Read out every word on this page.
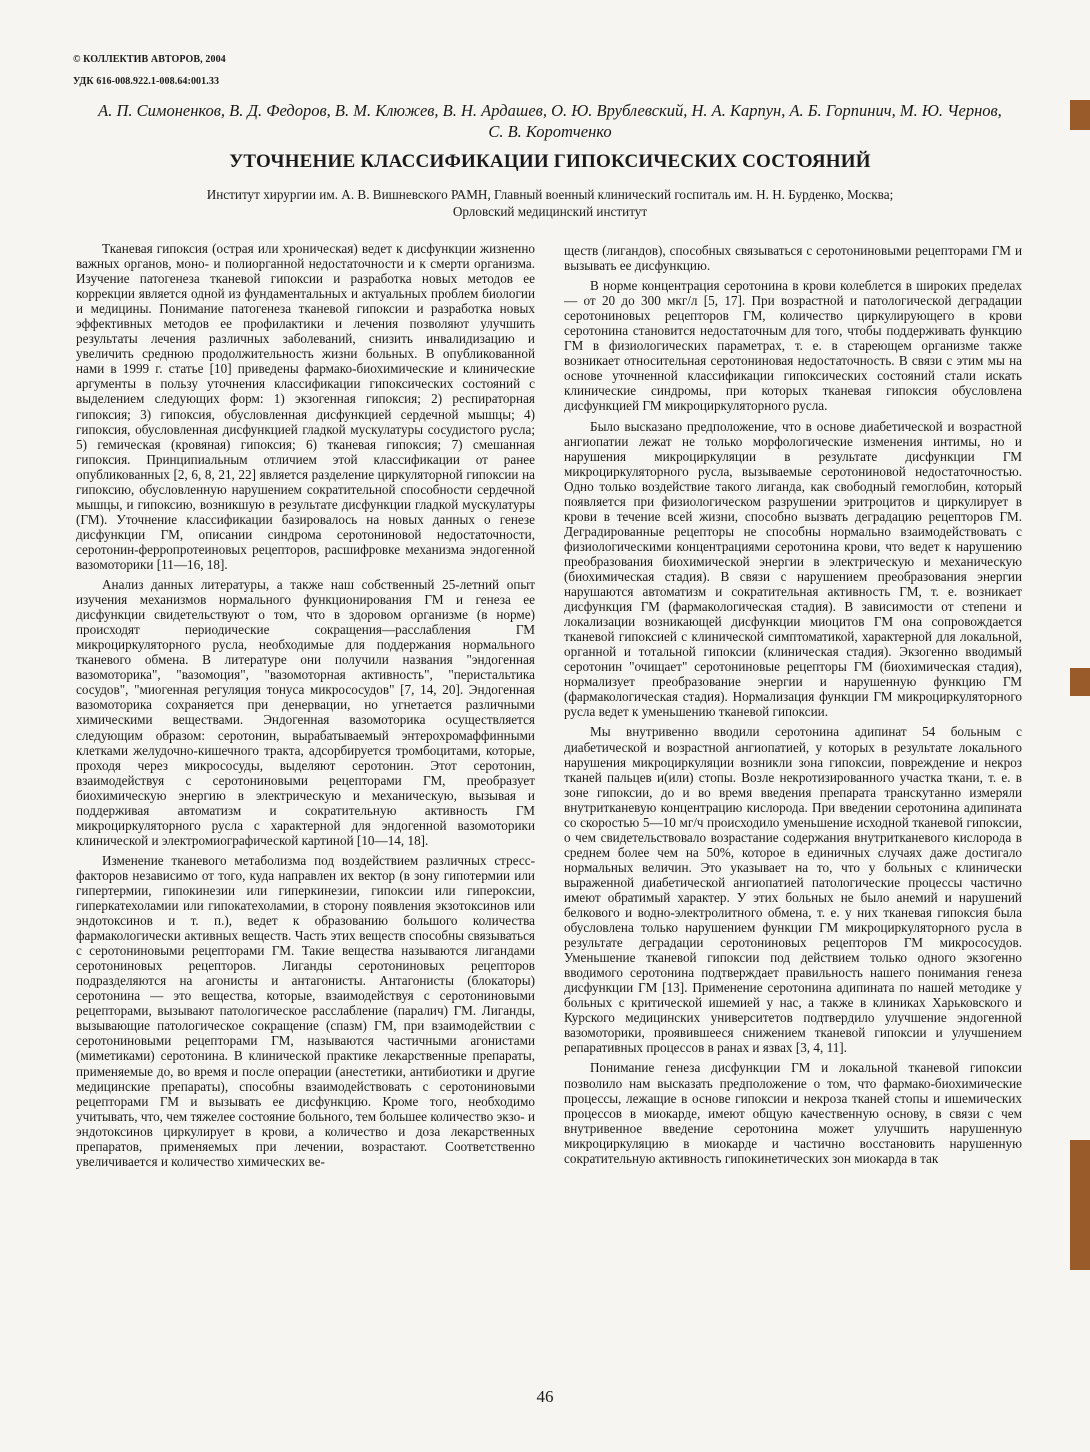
© КОЛЛЕКТИВ АВТОРОВ, 2004
УДК 616-008.922.1-008.64:001.33
А. П. Симоненков, В. Д. Федоров, В. М. Клюжев, В. Н. Ардашев, О. Ю. Врублевский, Н. А. Карпун, А. Б. Горпинич, М. Ю. Чернов, С. В. Коротченко
УТОЧНЕНИЕ КЛАССИФИКАЦИИ ГИПОКСИЧЕСКИХ СОСТОЯНИЙ
Институт хирургии им. А. В. Вишневского РАМН, Главный военный клинический госпиталь им. Н. Н. Бурденко, Москва;
Орловский медицинский институт

Тканевая гипоксия (острая или хроническая) ведет к дисфункции жизненно важных органов, моно- и полиорганной недостаточности и к смерти организма. Изучение патогенеза тканевой гипоксии и разработка новых методов ее коррекции является одной из фундаментальных и актуальных проблем биологии и медицины. Понимание патогенеза тканевой гипоксии и разработка новых эффективных методов ее профилактики и лечения позволяют улучшить результаты лечения различных заболеваний, снизить инвалидизацию и увеличить среднюю продолжительность жизни больных. В опубликованной нами в 1999 г. статье [10] приведены фармако-биохимические и клинические аргументы в пользу уточнения классификации гипоксических состояний с выделением следующих форм: 1) экзогенная гипоксия; 2) респираторная гипоксия; 3) гипоксия, обусловленная дисфункцией сердечной мышцы; 4) гипоксия, обусловленная дисфункцией гладкой мускулатуры сосудистого русла; 5) гемическая (кровяная) гипоксия; 6) тканевая гипоксия; 7) смешанная гипоксия. Принципиальным отличием этой классификации от ранее опубликованных [2, 6, 8, 21, 22] является разделение циркуляторной гипоксии на гипоксию, обусловленную нарушением сократительной способности сердечной мышцы, и гипоксию, возникшую в результате дисфункции гладкой мускулатуры (ГМ). Уточнение классификации базировалось на новых данных о генезе дисфункции ГМ, описании синдрома серотониновой недостаточности, серотонин-ферропротеиновых рецепторов, расшифровке механизма эндогенной вазомоторики [11—16, 18].

Анализ данных литературы, а также наш собственный 25-летний опыт изучения механизмов нормального функционирования ГМ и генеза ее дисфункции свидетельствуют о том, что в здоровом организме (в норме) происходят периодические сокращения—расслабления ГМ микроциркуляторного русла, необходимые для поддержания нормального тканевого обмена. В литературе они получили названия "эндогенная вазомоторика", "вазомоция", "вазомоторная активность", "перистальтика сосудов", "миогенная регуляция тонуса микрососудов" [7, 14, 20]. Эндогенная вазомоторика сохраняется при денервации, но угнетается различными химическими веществами. Эндогенная вазомоторика осуществляется следующим образом: серотонин, вырабатываемый энтерохромаффинными клетками желудочно-кишечного тракта, адсорбируется тромбоцитами, которые, проходя через микрососуды, выделяют серотонин. Этот серотонин, взаимодействуя с серотониновыми рецепторами ГМ, преобразует биохимическую энергию в электрическую и механическую, вызывая и поддерживая автоматизм и сократительную активность ГМ микроциркуляторного русла с характерной для эндогенной вазомоторики клинической и электромиографической картиной [10—14, 18].

Изменение тканевого метаболизма под воздействием различных стресс-факторов независимо от того, куда направлен их вектор (в зону гипотермии или гипертермии, гипокинезии или гиперкинезии, гипоксии или гипероксии, гиперкатехоламии или гипокатехоламии, в сторону появления экзотоксинов или эндотоксинов и т. п.), ведет к образованию большого количества фармакологически активных веществ. Часть этих веществ способны связываться с серотониновыми рецепторами ГМ. Такие вещества называются лигандами серотониновых рецепторов. Лиганды серотониновых рецепторов подразделяются на агонисты и антагонисты. Антагонисты (блокаторы) серотонина — это вещества, которые, взаимодействуя с серотониновыми рецепторами, вызывают патологическое расслабление (паралич) ГМ. Лиганды, вызывающие патологическое сокращение (спазм) ГМ, при взаимодействии с серотониновыми рецепторами ГМ, называются частичными агонистами (миметиками) серотонина. В клинической практике лекарственные препараты, применяемые до, во время и после операции (анестетики, антибиотики и другие медицинские препараты), способны взаимодействовать с серотониновыми рецепторами ГМ и вызывать ее дисфункцию. Кроме того, необходимо учитывать, что, чем тяжелее состояние больного, тем большее количество экзо- и эндотоксинов циркулирует в крови, а количество и доза лекарственных препаратов, применяемых при лечении, возрастают. Соответственно увеличивается и количество химических ве-

ществ (лигандов), способных связываться с серотониновыми рецепторами ГМ и вызывать ее дисфункцию.

В норме концентрация серотонина в крови колеблется в широких пределах — от 20 до 300 мкг/л [5, 17]. При возрастной и патологической деградации серотониновых рецепторов ГМ, количество циркулирующего в крови серотонина становится недостаточным для того, чтобы поддерживать функцию ГМ в физиологических параметрах, т. е. в стареющем организме также возникает относительная серотониновая недостаточность. В связи с этим мы на основе уточненной классификации гипоксических состояний стали искать клинические синдромы, при которых тканевая гипоксия обусловлена дисфункцией ГМ микроциркуляторного русла.

Было высказано предположение, что в основе диабетической и возрастной ангиопатии лежат не только морфологические изменения интимы, но и нарушения микроциркуляции в результате дисфункции ГМ микроциркуляторного русла, вызываемые серотониновой недостаточностью. Одно только воздействие такого лиганда, как свободный гемоглобин, который появляется при физиологическом разрушении эритроцитов и циркулирует в крови в течение всей жизни, способно вызвать деградацию рецепторов ГМ. Деградированные рецепторы не способны нормально взаимодействовать с физиологическими концентрациями серотонина крови, что ведет к нарушению преобразования биохимической энергии в электрическую и механическую (биохимическая стадия). В связи с нарушением преобразования энергии нарушаются автоматизм и сократительная активность ГМ, т. е. возникает дисфункция ГМ (фармакологическая стадия). В зависимости от степени и локализации возникающей дисфункции миоцитов ГМ она сопровождается тканевой гипоксией с клинической симптоматикой, характерной для локальной, органной и тотальной гипоксии (клиническая стадия). Экзогенно вводимый серотонин "очищает" серотониновые рецепторы ГМ (биохимическая стадия), нормализует преобразование энергии и нарушенную функцию ГМ (фармакологическая стадия). Нормализация функции ГМ микроциркуляторного русла ведет к уменьшению тканевой гипоксии.

Мы внутривенно вводили серотонина адипинат 54 больным с диабетической и возрастной ангиопатией, у которых в результате локального нарушения микроциркуляции возникли зона гипоксии, повреждение и некроз тканей пальцев и(или) стопы. Возле некротизированного участка ткани, т. е. в зоне гипоксии, до и во время введения препарата транскутанно измеряли внутритканевую концентрацию кислорода. При введении серотонина адипината со скоростью 5—10 мг/ч происходило уменьшение исходной тканевой гипоксии, о чем свидетельствовало возрастание содержания внутритканевого кислорода в среднем более чем на 50%, которое в единичных случаях даже достигало нормальных величин. Это указывает на то, что у больных с клинически выраженной диабетической ангиопатией патологические процессы частично имеют обратимый характер. У этих больных не было анемий и нарушений белкового и водно-электролитного обмена, т. е. у них тканевая гипоксия была обусловлена только нарушением функции ГМ микроциркуляторного русла в результате деградации серотониновых рецепторов ГМ микрососудов. Уменьшение тканевой гипоксии под действием только одного экзогенно вводимого серотонина подтверждает правильность нашего понимания генеза дисфункции ГМ [13]. Применение серотонина адипината по нашей методике у больных с критической ишемией у нас, а также в клиниках Харьковского и Курского медицинских университетов подтвердило улучшение эндогенной вазомоторики, проявившееся снижением тканевой гипоксии и улучшением репаративных процессов в ранах и язвах [3, 4, 11].

Понимание генеза дисфункции ГМ и локальной тканевой гипоксии позволило нам высказать предположение о том, что фармако-биохимические процессы, лежащие в основе гипоксии и некроза тканей стопы и ишемических процессов в миокарде, имеют общую качественную основу, в связи с чем внутривенное введение серотонина может улучшить нарушенную микроциркуляцию в миокарде и частично восстановить нарушенную сократительную активность гипокинетических зон миокарда в так

46
